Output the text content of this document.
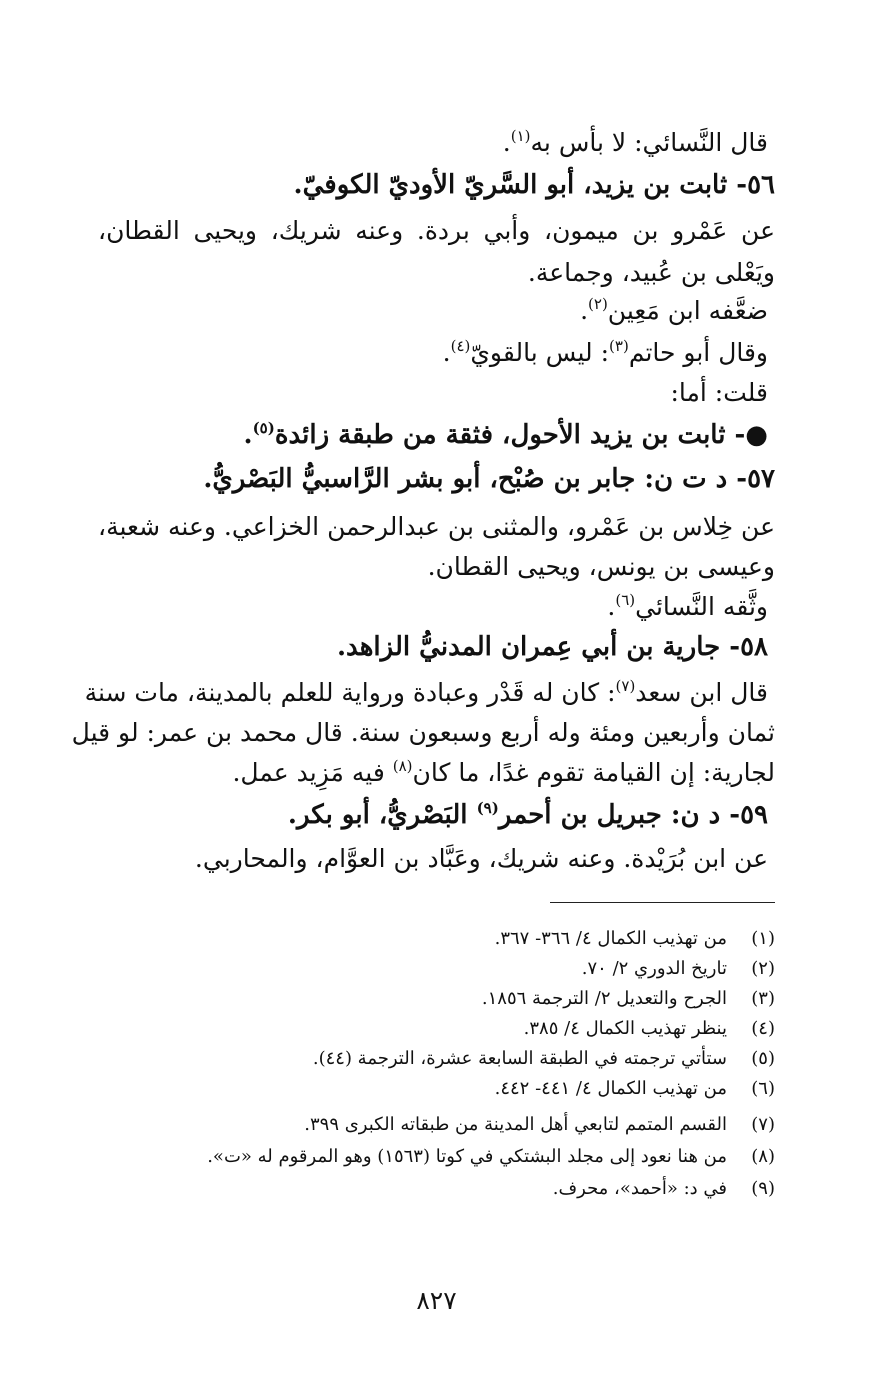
قال النَّسائي: لا بأس به$^{(١)}$.
٥٦- ثابت بن يزيد، أبو السَّريّ الأوديّ الكوفيّ.
عن عَمْرو بن ميمون، وأبي بردة. وعنه شريك، ويحيى القطان،
ويَعْلى بن عُبيد، وجماعة.
ضعَّفه ابن مَعِين$^{(٢)}$.
وقال أبو حاتم$^{(٣)}$: ليس بالقويّ$^{(٤)}$.
قلت: أما:
●- ثابت بن يزيد الأحول، فثقة من طبقة زائدة$^{(٥)}$.
٥٧- د ت ن: جابر بن صُبْح، أبو بشر الرَّاسبيُّ البَصْريُّ.
عن خِلاس بن عَمْرو، والمثنى بن عبدالرحمن الخزاعي. وعنه شعبة،
وعيسى بن يونس، ويحيى القطان.
وثَّقه النَّسائي$^{(٦)}$.
٥٨- جارية بن أبي عِمران المدنيُّ الزاهد.
قال ابن سعد$^{(٧)}$: كان له قَدْر وعبادة ورواية للعلم بالمدينة، مات سنة
ثمان وأربعين ومئة وله أربع وسبعون سنة. قال محمد بن عمر: لو قيل
لجارية: إن القيامة تقوم غدًا، ما كان$^{(٨)}$ فيه مَزِيد عمل.
٥٩- د ن: جبريل بن أحمر$^{(٩)}$ البَصْريُّ، أبو بكر.
عن ابن بُرَيْدة. وعنه شريك، وعَبَّاد بن العوَّام، والمحاربي.
(١)من تهذيب الكمال ٤/ ٣٦٦- ٣٦٧.
(٢)تاريخ الدوري ٢/ ٧٠.
(٣)الجرح والتعديل ٢/ الترجمة ١٨٥٦.
(٤)ينظر تهذيب الكمال ٤/ ٣٨٥.
(٥)ستأتي ترجمته في الطبقة السابعة عشرة، الترجمة (٤٤).
(٦)من تهذيب الكمال ٤/ ٤٤١- ٤٤٢.
(٧)القسم المتمم لتابعي أهل المدينة من طبقاته الكبرى ٣٩٩.
(٨)من هنا نعود إلى مجلد البشتكي في كوتا (١٥٦٣) وهو المرقوم له «ت».
(٩)في د: «أحمد»، محرف.
٨٢٧
